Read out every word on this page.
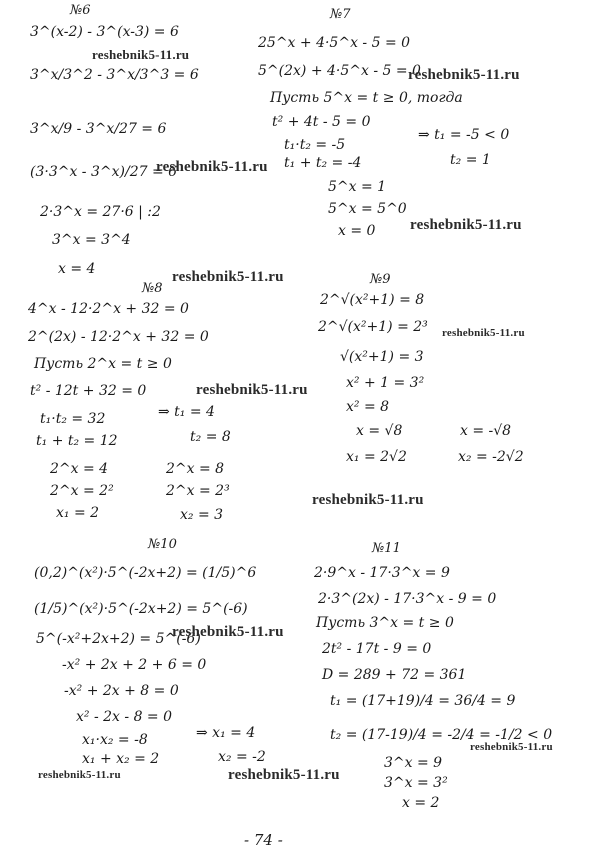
№6
3^(x-2) - 3^(x-3) = 6
3^x/3^2 - 3^x/3^3 = 6
3^x/9 - 3^x/27 = 6
(3·3^x - 3^x)/27 = 6
2·3^x = 27·6 | :2
3^x = 3^4
x = 4
№7
25^x + 4·5^x - 5 = 0
5^(2x) + 4·5^x - 5 = 0
Пусть 5^x = t ≥ 0, тогда
t² + 4t - 5 = 0
t₁·t₂ = -5
t₁ + t₂ = -4
⇒ t₁ = -5 < 0
t₂ = 1
5^x = 1
5^x = 5^0
x = 0
№8
4^x - 12·2^x + 32 = 0
2^(2x) - 12·2^x + 32 = 0
Пусть 2^x = t ≥ 0
t² - 12t + 32 = 0
t₁·t₂ = 32
t₁ + t₂ = 12
⇒ t₁ = 4
t₂ = 8
2^x = 4
2^x = 2²
x₁ = 2
2^x = 8
2^x = 2³
x₂ = 3
№9
2^√(x²+1) = 8
2^√(x²+1) = 2³
√(x²+1) = 3
x² + 1 = 3²
x² = 8
x = √8	x = -√8
x₁ = 2√2	x₂ = -2√2
№10
(0,2)^(x²)·5^(-2x+2) = (1/5)^6
(1/5)^(x²)·5^(-2x+2) = 5^(-6)
5^(-x²+2x+2) = 5^(-6)
-x² + 2x + 2 + 6 = 0
-x² + 2x + 8 = 0
x² - 2x - 8 = 0
x₁·x₂ = -8
x₁ + x₂ = 2
⇒ x₁ = 4
x₂ = -2
№11
2·9^x - 17·3^x = 9
2·3^(2x) - 17·3^x - 9 = 0
Пусть 3^x = t ≥ 0
2t² - 17t - 9 = 0
D = 289 + 72 = 361
t₁ = (17+19)/4 = 36/4 = 9
t₂ = (17-19)/4 = -2/4 = -1/2 < 0
3^x = 9
3^x = 3²
x = 2
reshebnik5-11.ru
reshebnik5-11.ru
reshebnik5-11.ru
reshebnik5-11.ru
reshebnik5-11.ru
reshebnik5-11.ru
reshebnik5-11.ru
reshebnik5-11.ru
reshebnik5-11.ru
reshebnik5-11.ru
reshebnik5-11.ru	reshebnik5-11.ru
- 74 -
